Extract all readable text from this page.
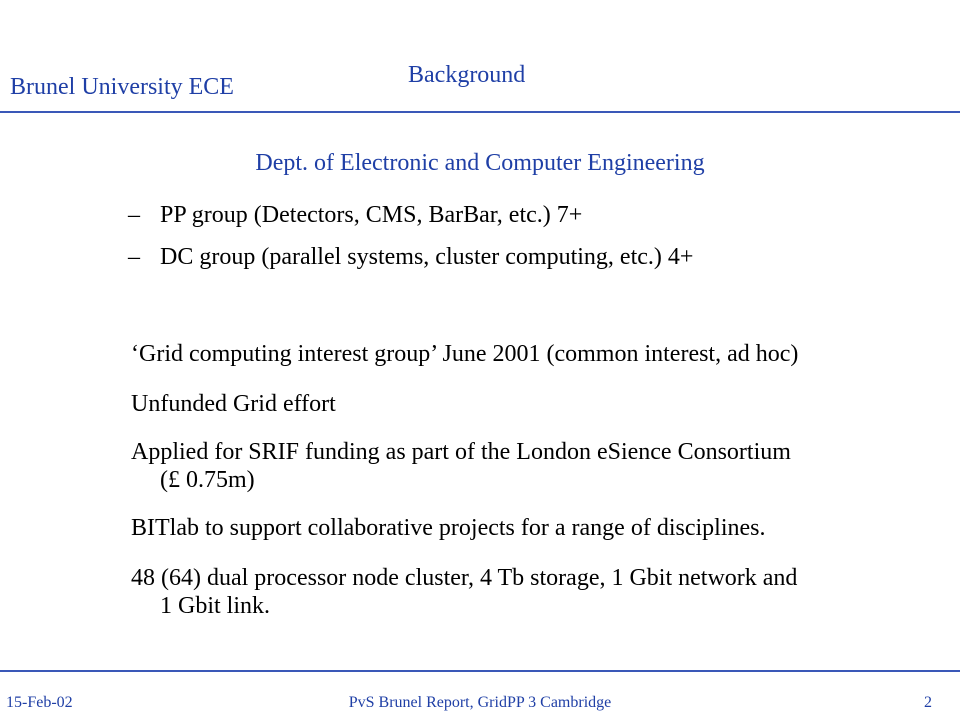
Background
Brunel University ECE
Dept. of Electronic and Computer Engineering
– PP group (Detectors, CMS, BarBar, etc.) 7+
– DC group (parallel systems, cluster computing, etc.) 4+
‘Grid computing interest group’ June 2001 (common interest, ad hoc)
Unfunded Grid effort
Applied for SRIF funding as part of the London eSience Consortium
(£ 0.75m)
BITlab to support collaborative projects for a range of disciplines.
48 (64) dual processor node cluster, 4 Tb storage, 1 Gbit network and
1 Gbit link.
15-Feb-02	PvS Brunel Report, GridPP 3 Cambridge	2
